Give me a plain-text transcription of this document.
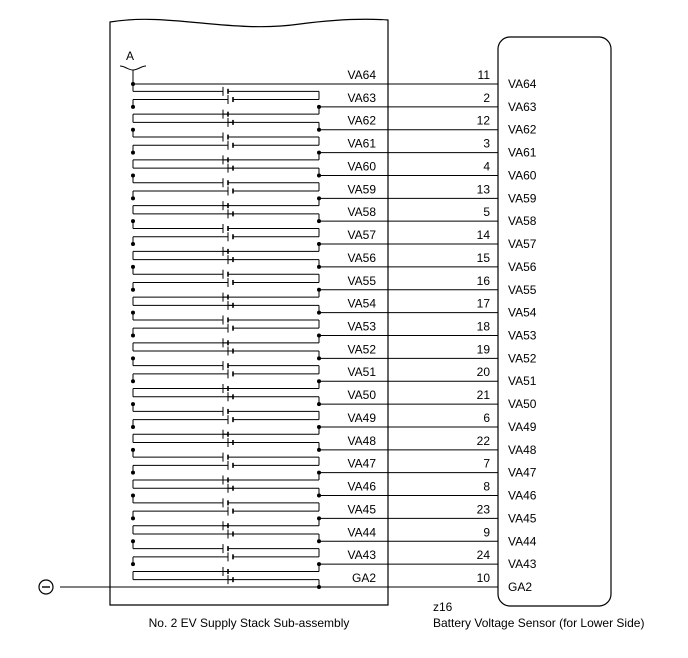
A
VA64	11
VA64
VA63	2
VA63
VA62	12
VA62
VA61	3
VA61
VA60	4
VA60
VA59	13
VA59
VA58	5
VA58
VA57	14
VA57
VA56	15
VA56
VA55	16
VA55
VA54	17
VA54
VA53	18
VA53
VA52	19
VA52
VA51	20
VA51
VA50	21
VA50
VA49	6
VA49
VA48	22
VA48
VA47	7
VA47
VA46	8
VA46
VA45	23
VA45
VA44	9
VA44
VA43	24
VA43
GA2	10
GA2
No. 2 EV Supply Stack Sub-assembly
z16
Battery Voltage Sensor (for Lower Side)
